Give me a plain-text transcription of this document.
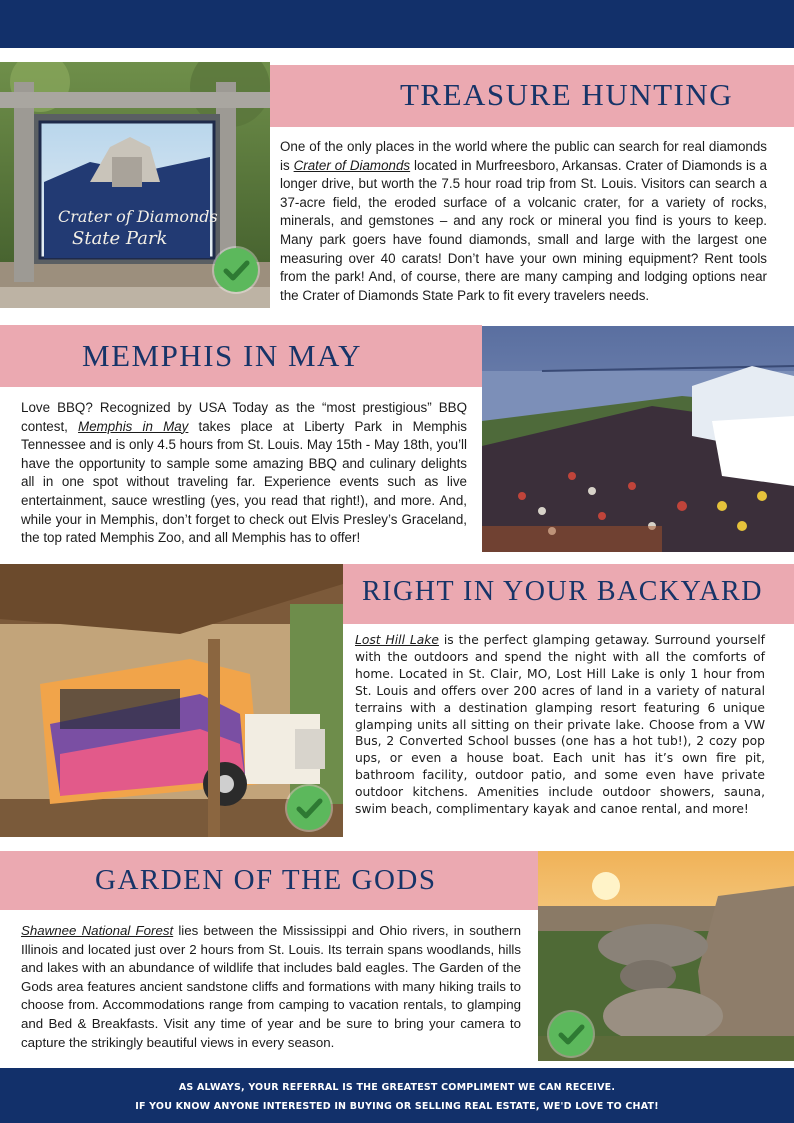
Crater of Diamonds
State Park
TREASURE HUNTING
One of the only places in the world where the public can search for real diamonds is Crater of Diamonds located in Murfreesboro, Arkansas. Crater of Diamonds is a longer drive, but worth the 7.5 hour road trip from St. Louis. Visitors can search a 37-acre field, the eroded surface of a volcanic crater, for a variety of rocks, minerals, and gemstones – and any rock or mineral you find is yours to keep. Many park goers have found diamonds, small and large with the largest one measuring over 40 carats! Don’t have your own mining equipment? Rent tools from the park! And, of course, there are many camping and lodging options near the Crater of Diamonds State Park to fit every travelers needs.
MEMPHIS IN MAY
Love BBQ? Recognized by USA Today as the “most prestigious” BBQ contest, Memphis in May takes place at Liberty Park in Memphis Tennessee and is only 4.5 hours from St. Louis. May 15th - May 18th, you’ll have the opportunity to sample some amazing BBQ and culinary delights all in one spot without traveling far. Experience events such as live entertainment, sauce wrestling (yes, you read that right!), and more. And, while your in Memphis, don’t forget to check out Elvis Presley’s Graceland, the top rated Memphis Zoo, and all Memphis has to offer!
RIGHT IN YOUR BACKYARD
Lost Hill Lake is the perfect glamping getaway. Surround yourself with the outdoors and spend the night with all the comforts of home. Located in St. Clair, MO, Lost Hill Lake is only 1 hour from St. Louis and offers over 200 acres of land in a variety of natural terrains with a destination glamping resort featuring 6 unique glamping units all sitting on their private lake. Choose from a VW Bus, 2 Converted School busses (one has a hot tub!), 2 cozy pop ups, or even a house boat. Each unit has it’s own fire pit, bathroom facility, outdoor patio, and some even have private outdoor kitchens. Amenities include outdoor showers, sauna, swim beach, complimentary kayak and canoe rental, and more!
GARDEN OF THE GODS
Shawnee National Forest lies between the Mississippi and Ohio rivers, in southern Illinois and located just over 2 hours from St. Louis. Its terrain spans woodlands, hills and lakes with an abundance of wildlife that includes bald eagles. The Garden of the Gods area features ancient sandstone cliffs and formations with many hiking trails to choose from. Accommodations range from camping to vacation rentals, to glamping and Bed & Breakfasts. Visit any time of year and be sure to bring your camera to capture the strikingly beautiful views in every season.
AS ALWAYS, YOUR REFERRAL IS THE GREATEST COMPLIMENT WE CAN RECEIVE.
IF YOU KNOW ANYONE INTERESTED IN BUYING OR SELLING REAL ESTATE, WE'D LOVE TO CHAT!
